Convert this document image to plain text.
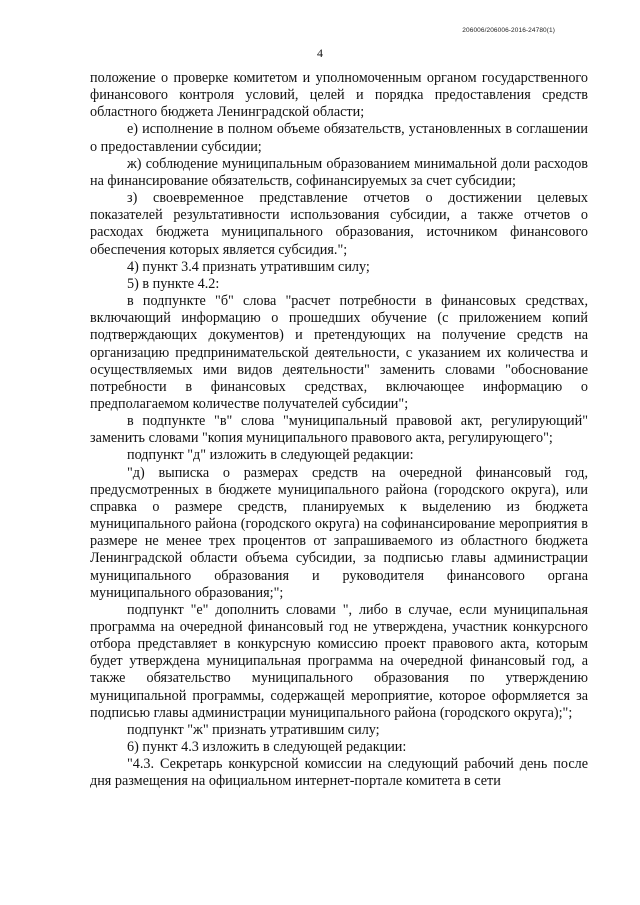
206006/206006-2016-24780(1)
4

положение о проверке комитетом и уполномоченным органом государственного финансового контроля условий, целей и порядка предоставления средств областного бюджета Ленинградской области;

е) исполнение в полном объеме обязательств, установленных в соглашении о предоставлении субсидии;

ж) соблюдение муниципальным образованием минимальной доли расходов на финансирование обязательств, софинансируемых за счет субсидии;

з) своевременное представление отчетов о достижении целевых показателей результативности использования субсидии, а также отчетов о расходах бюджета муниципального образования, источником финансового обеспечения которых является субсидия.";

4) пункт 3.4 признать утратившим силу;

5) в пункте 4.2:

в подпункте "б" слова "расчет потребности в финансовых средствах, включающий информацию о прошедших обучение (с приложением копий подтверждающих документов) и претендующих на получение средств на организацию предпринимательской деятельности, с указанием их количества и осуществляемых ими видов деятельности" заменить словами "обоснование потребности в финансовых средствах, включающее информацию о предполагаемом количестве получателей субсидии";

в подпункте "в" слова "муниципальный правовой акт, регулирующий" заменить словами "копия муниципального правового акта, регулирующего";

подпункт "д" изложить в следующей редакции:

"д) выписка о размерах средств на очередной финансовый год, предусмотренных в бюджете муниципального района (городского округа), или справка о размере средств, планируемых к выделению из бюджета муниципального района (городского округа) на софинансирование мероприятия в размере не менее трех процентов от запрашиваемого из областного бюджета Ленинградской области объема субсидии, за подписью главы администрации муниципального образования и руководителя финансового органа муниципального образования;";

подпункт "е" дополнить словами ", либо в случае, если муниципальная программа на очередной финансовый год не утверждена, участник конкурсного отбора представляет в конкурсную комиссию проект правового акта, которым будет утверждена муниципальная программа на очередной финансовый год, а также обязательство муниципального образования по утверждению муниципальной программы, содержащей мероприятие, которое оформляется за подписью главы администрации муниципального района (городского округа);";

подпункт "ж" признать утратившим силу;

6) пункт 4.3 изложить в следующей редакции:

"4.3. Секретарь конкурсной комиссии на следующий рабочий день после дня размещения на официальном интернет-портале комитета в сети
